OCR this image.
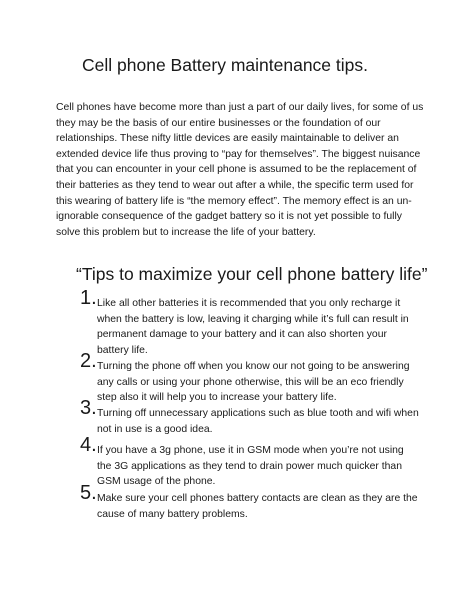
Cell phone Battery maintenance tips.

Cell phones have become more than just a part of our daily lives, for some of us they may be the basis of our entire businesses or the foundation of our relationships. These nifty little devices are easily maintainable to deliver an extended device life thus proving to “pay for themselves”. The biggest nuisance that you can encounter in your cell phone is assumed to be the replacement of their batteries as they tend to wear out after a while, the specific term used for this wearing of battery life is “the memory effect”. The memory effect is an un-ignorable consequence of the gadget battery so it is not yet possible to fully solve this problem but to increase the life of your battery.

“Tips to maximize your cell phone battery life”
1. Like all other batteries it is recommended that you only recharge it when the battery is low, leaving it charging while it’s full can result in permanent damage to your battery and it can also shorten your battery life.

2. Turning the phone off when you know our not going to be answering any calls or using your phone otherwise, this will be an eco friendly step also it will help you to increase your battery life.

3. Turning off unnecessary applications such as blue tooth and wifi when not in use is a good idea.

4. If you have a 3g phone, use it in GSM mode when you’re not using the 3G applications as they tend to drain power much quicker than GSM usage of the phone.

5. Make sure your cell phones battery contacts are clean as they are the cause of many battery problems.
